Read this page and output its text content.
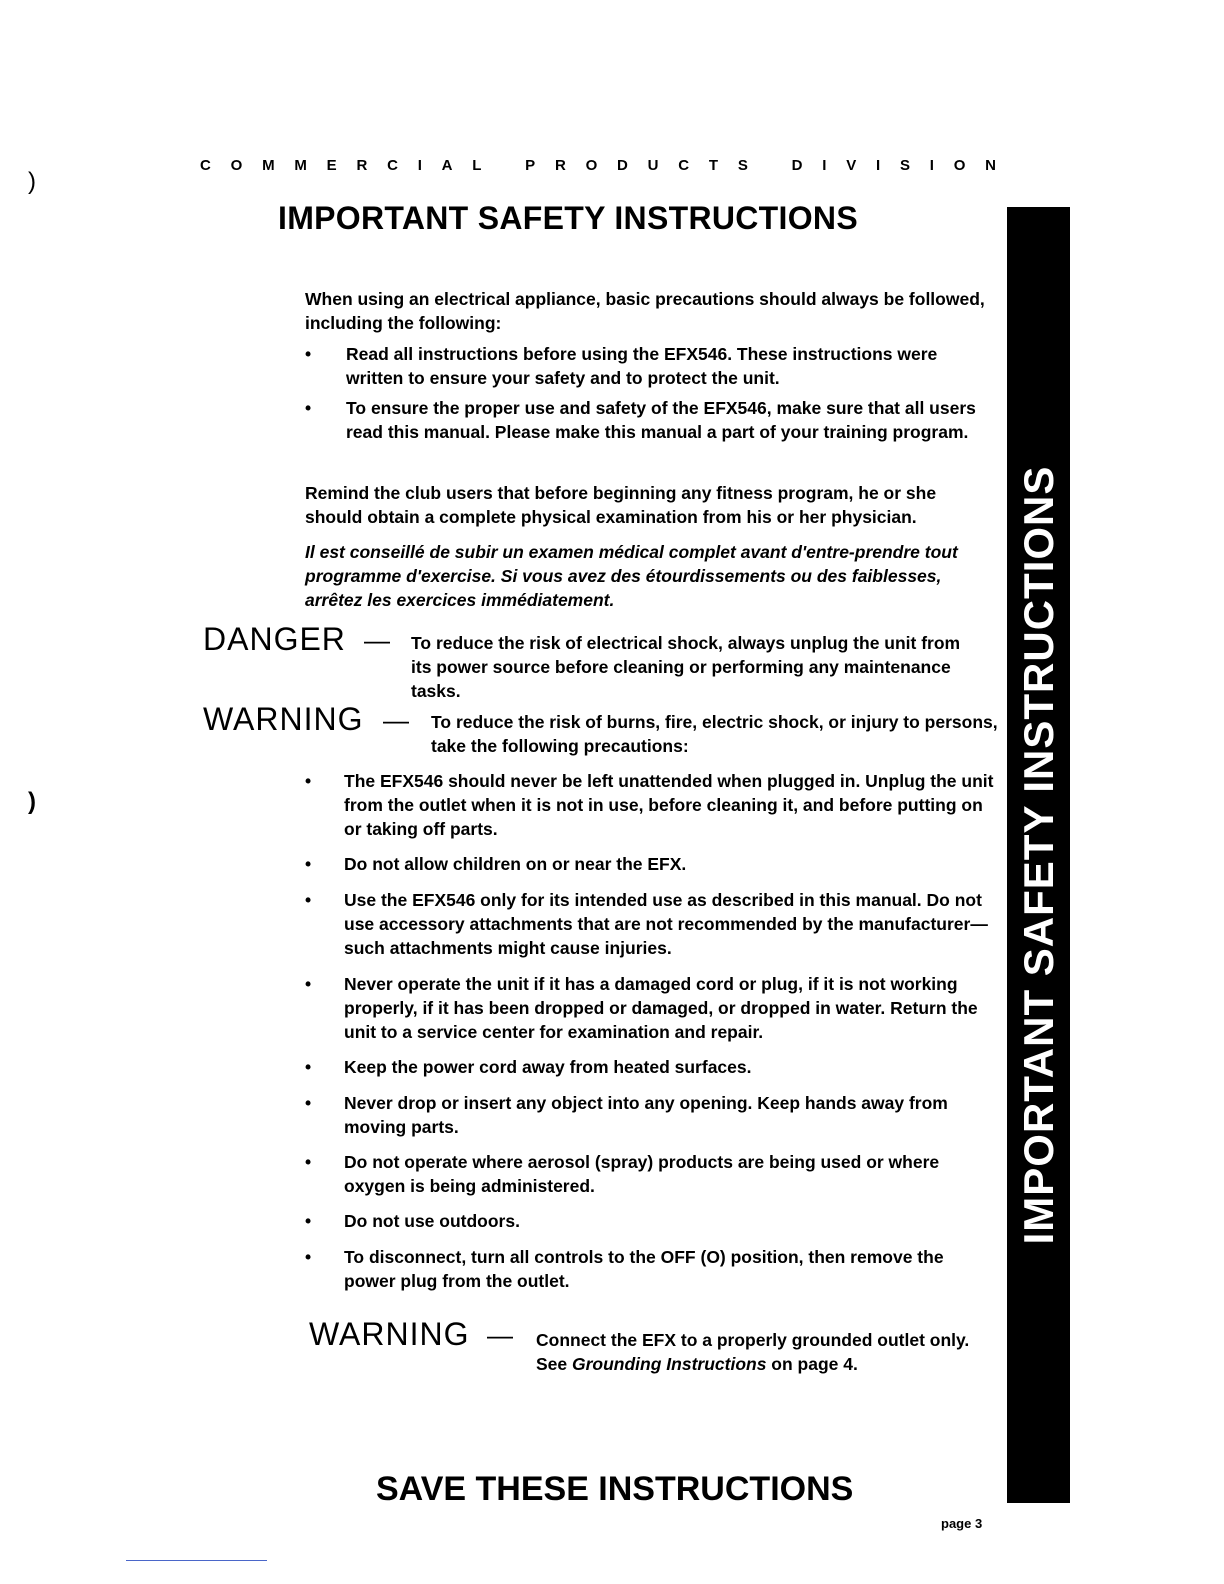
)
)
C O M M E R C I A L
	P R O D U C T S
	D I V I S I O N
IMPORTANT SAFETY INSTRUCTIONS
IMPORTANT SAFETY INSTRUCTIONS
When using an electrical appliance, basic precautions should always be followed, including the following:
• Read all instructions before using the EFX546. These instructions were written to ensure your safety and to protect the unit.
• To ensure the proper use and safety of the EFX546, make sure that all users read this manual. Please make this manual a part of your training program.
Remind the club users that before beginning any fitness program, he or she should obtain a complete physical examination from his or her physician.
Il est conseillé de subir un examen médical complet avant d'entre-prendre tout programme d'exercise. Si vous avez des étourdissements ou des faiblesses, arrêtez les exercices immédiatement.
DANGER — To reduce the risk of electrical shock, always unplug the unit from its power source before cleaning or performing any maintenance tasks.
WARNING — To reduce the risk of burns, fire, electric shock, or injury to persons, take the following precautions:
• The EFX546 should never be left unattended when plugged in. Unplug the unit from the outlet when it is not in use, before cleaning it, and before putting on or taking off parts.
• Do not allow children on or near the EFX.
• Use the EFX546 only for its intended use as described in this manual. Do not use accessory attachments that are not recommended by the manufacturer—such attachments might cause injuries.
• Never operate the unit if it has a damaged cord or plug, if it is not working properly, if it has been dropped or damaged, or dropped in water. Return the unit to a service center for examination and repair.
• Keep the power cord away from heated surfaces.
• Never drop or insert any object into any opening. Keep hands away from moving parts.
• Do not operate where aerosol (spray) products are being used or where oxygen is being administered.
• Do not use outdoors.
• To disconnect, turn all controls to the OFF (O) position, then remove the power plug from the outlet.
WARNING — Connect the EFX to a properly grounded outlet only. See Grounding Instructions on page 4.
SAVE THESE INSTRUCTIONS
page 3
